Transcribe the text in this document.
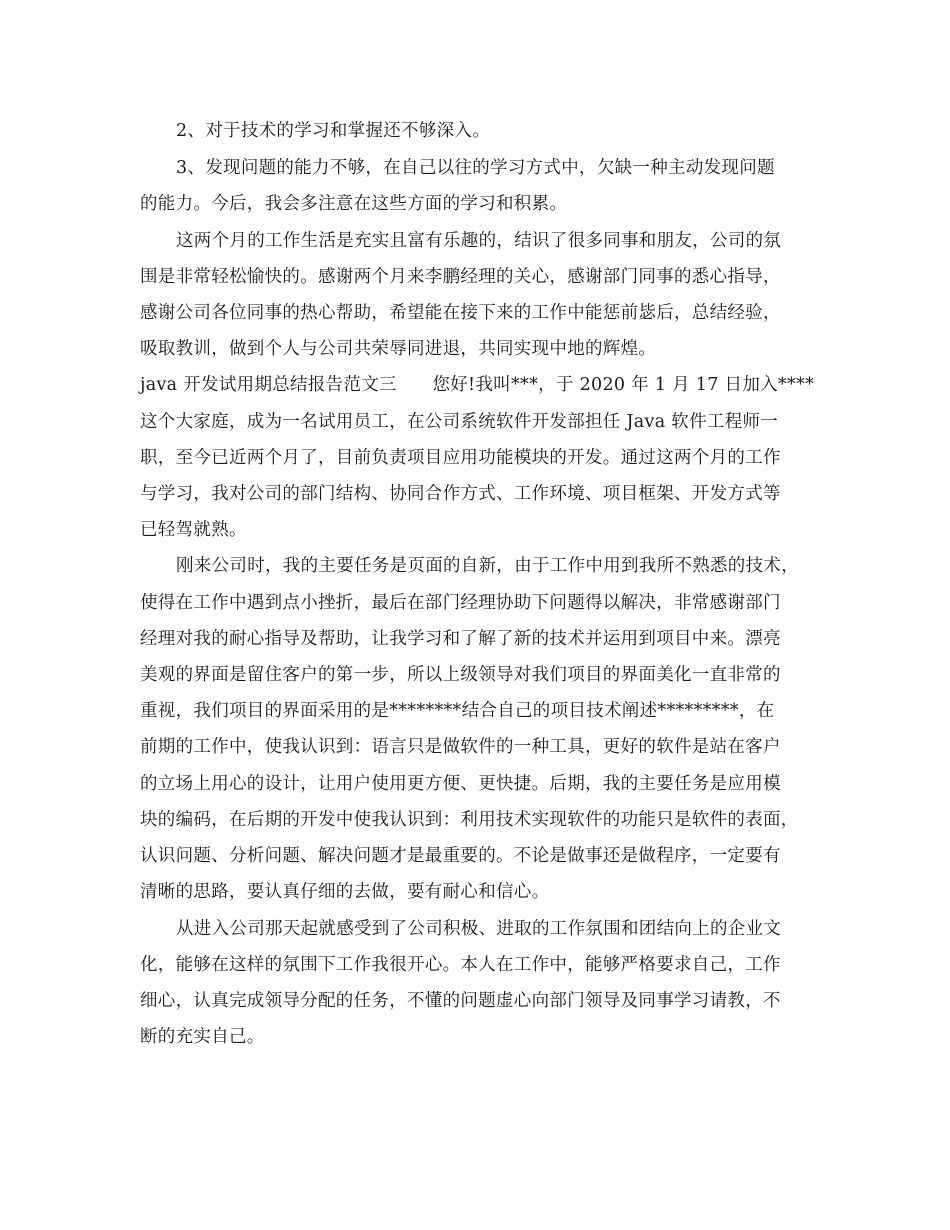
2、对于技术的学习和掌握还不够深入。

3、发现问题的能力不够，在自己以往的学习方式中，欠缺一种主动发现问题

的能力。今后，我会多注意在这些方面的学习和积累。

这两个月的工作生活是充实且富有乐趣的，结识了很多同事和朋友，公司的氛

围是非常轻松愉快的。感谢两个月来李鹏经理的关心，感谢部门同事的悉心指导，

感谢公司各位同事的热心帮助，希望能在接下来的工作中能惩前毖后，总结经验，

吸取教训，做到个人与公司共荣辱同进退，共同实现中地的辉煌。

java 开发试用期总结报告范文三　　您好!我叫***，于 2020 年 1 月 17 日加入****

这个大家庭，成为一名试用员工，在公司系统软件开发部担任 Java 软件工程师一

职，至今已近两个月了，目前负责项目应用功能模块的开发。通过这两个月的工作

与学习，我对公司的部门结构、协同合作方式、工作环境、项目框架、开发方式等

已轻驾就熟。

刚来公司时，我的主要任务是页面的自新，由于工作中用到我所不熟悉的技术，

使得在工作中遇到点小挫折，最后在部门经理协助下问题得以解决，非常感谢部门

经理对我的耐心指导及帮助，让我学习和了解了新的技术并运用到项目中来。漂亮

美观的界面是留住客户的第一步，所以上级领导对我们项目的界面美化一直非常的

重视，我们项目的界面采用的是********结合自己的项目技术阐述*********，在

前期的工作中，使我认识到：语言只是做软件的一种工具，更好的软件是站在客户

的立场上用心的设计，让用户使用更方便、更快捷。后期，我的主要任务是应用模

块的编码，在后期的开发中使我认识到：利用技术实现软件的功能只是软件的表面，

认识问题、分析问题、解决问题才是最重要的。不论是做事还是做程序，一定要有

清晰的思路，要认真仔细的去做，要有耐心和信心。

从进入公司那天起就感受到了公司积极、进取的工作氛围和团结向上的企业文

化，能够在这样的氛围下工作我很开心。本人在工作中，能够严格要求自己，工作

细心，认真完成领导分配的任务，不懂的问题虚心向部门领导及同事学习请教，不

断的充实自己。
